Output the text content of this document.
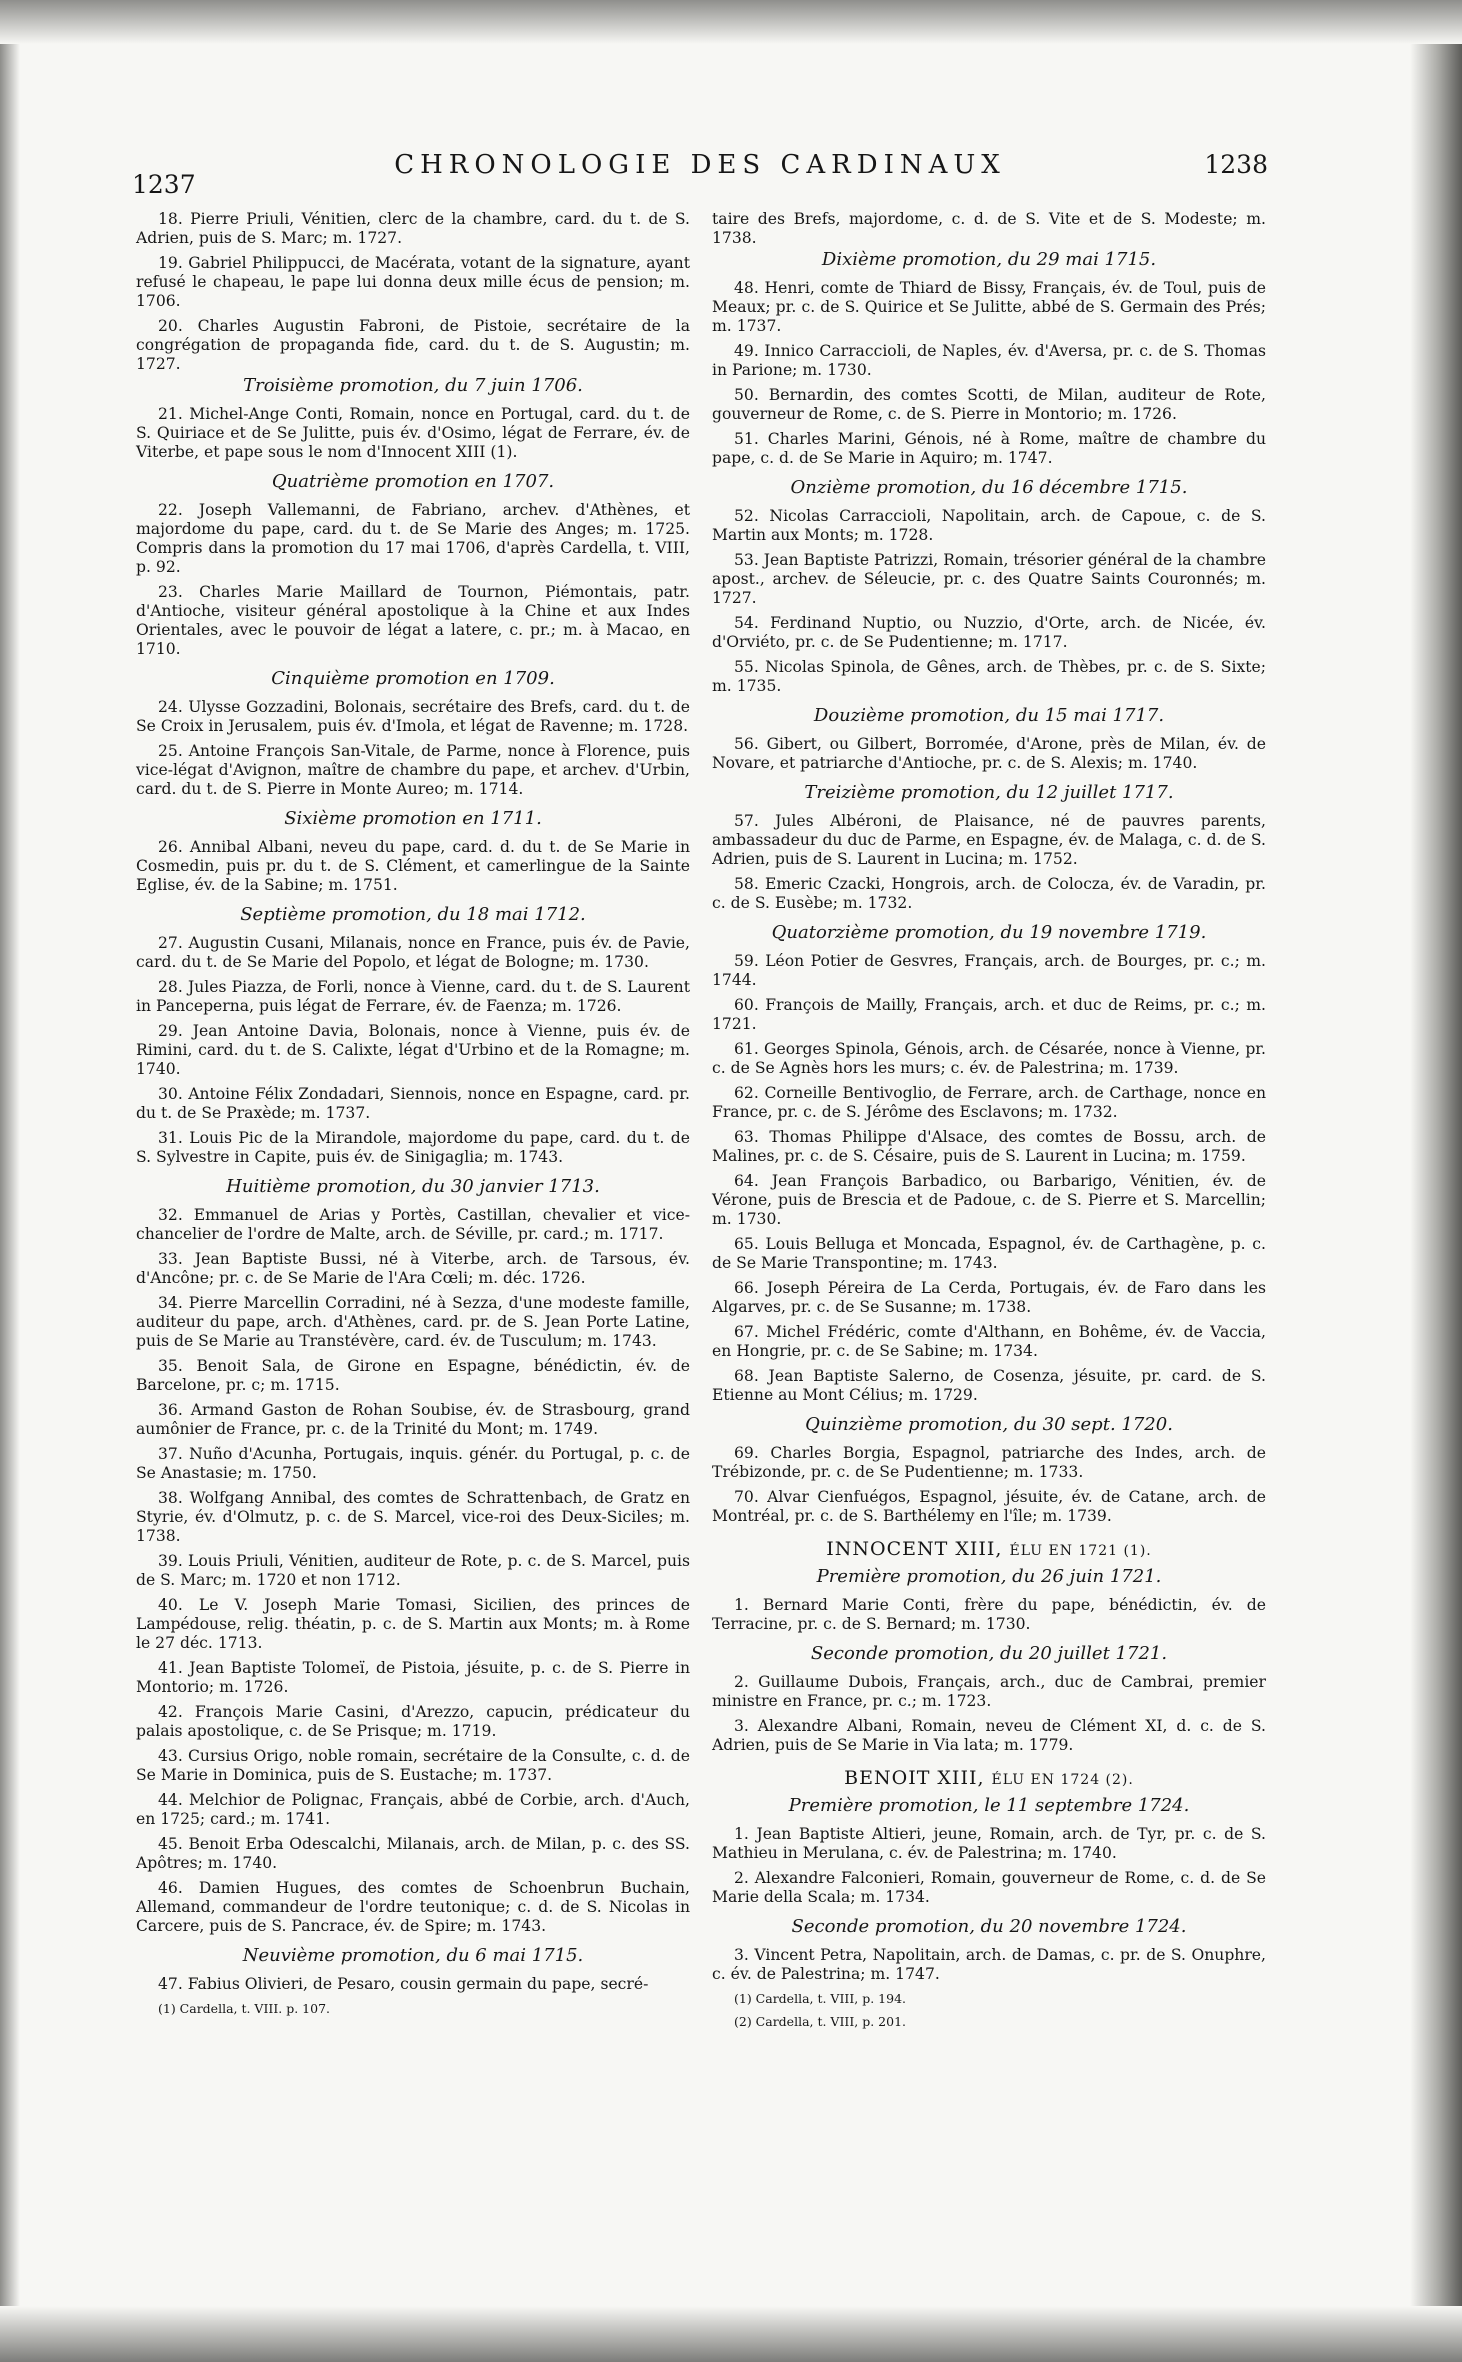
1237
CHRONOLOGIE DES CARDINAUX	1238

18. Pierre Priuli, Vénitien, clerc de la chambre, card. du t. de S. Adrien, puis de S. Marc; m. 1727.

19. Gabriel Philippucci, de Macérata, votant de la signature, ayant refusé le chapeau, le pape lui donna deux mille écus de pension; m. 1706.

20. Charles Augustin Fabroni, de Pistoie, secrétaire de la congrégation de propaganda fide, card. du t. de S. Augustin; m. 1727.

Troisième promotion, du 7 juin 1706.

21. Michel-Ange Conti, Romain, nonce en Portugal, card. du t. de S. Quiriace et de Se Julitte, puis év. d'Osimo, légat de Ferrare, év. de Viterbe, et pape sous le nom d'Innocent XIII (1).

Quatrième promotion en 1707.

22. Joseph Vallemanni, de Fabriano, archev. d'Athènes, et majordome du pape, card. du t. de Se Marie des Anges; m. 1725. Compris dans la promotion du 17 mai 1706, d'après Cardella, t. VIII, p. 92.

23. Charles Marie Maillard de Tournon, Piémontais, patr. d'Antioche, visiteur général apostolique à la Chine et aux Indes Orientales, avec le pouvoir de légat a latere, c. pr.; m. à Macao, en 1710.

Cinquième promotion en 1709.

24. Ulysse Gozzadini, Bolonais, secrétaire des Brefs, card. du t. de Se Croix in Jerusalem, puis év. d'Imola, et légat de Ravenne; m. 1728.

25. Antoine François San-Vitale, de Parme, nonce à Florence, puis vice-légat d'Avignon, maître de chambre du pape, et archev. d'Urbin, card. du t. de S. Pierre in Monte Aureo; m. 1714.

Sixième promotion en 1711.

26. Annibal Albani, neveu du pape, card. d. du t. de Se Marie in Cosmedin, puis pr. du t. de S. Clément, et camerlingue de la Sainte Eglise, év. de la Sabine; m. 1751.

Septième promotion, du 18 mai 1712.

27. Augustin Cusani, Milanais, nonce en France, puis év. de Pavie, card. du t. de Se Marie del Popolo, et légat de Bologne; m. 1730.

28. Jules Piazza, de Forli, nonce à Vienne, card. du t. de S. Laurent in Panceperna, puis légat de Ferrare, év. de Faenza; m. 1726.

29. Jean Antoine Davia, Bolonais, nonce à Vienne, puis év. de Rimini, card. du t. de S. Calixte, légat d'Urbino et de la Romagne; m. 1740.

30. Antoine Félix Zondadari, Siennois, nonce en Espagne, card. pr. du t. de Se Praxède; m. 1737.

31. Louis Pic de la Mirandole, majordome du pape, card. du t. de S. Sylvestre in Capite, puis év. de Sinigaglia; m. 1743.

Huitième promotion, du 30 janvier 1713.

32. Emmanuel de Arias y Portès, Castillan, chevalier et vice-chancelier de l'ordre de Malte, arch. de Séville, pr. card.; m. 1717.

33. Jean Baptiste Bussi, né à Viterbe, arch. de Tarsous, év. d'Ancône; pr. c. de Se Marie de l'Ara Cœli; m. déc. 1726.

34. Pierre Marcellin Corradini, né à Sezza, d'une modeste famille, auditeur du pape, arch. d'Athènes, card. pr. de S. Jean Porte Latine, puis de Se Marie au Transtévère, card. év. de Tusculum; m. 1743.

35. Benoit Sala, de Girone en Espagne, bénédictin, év. de Barcelone, pr. c; m. 1715.

36. Armand Gaston de Rohan Soubise, év. de Strasbourg, grand aumônier de France, pr. c. de la Trinité du Mont; m. 1749.

37. Nuño d'Acunha, Portugais, inquis. génér. du Portugal, p. c. de Se Anastasie; m. 1750.

38. Wolfgang Annibal, des comtes de Schrattenbach, de Gratz en Styrie, év. d'Olmutz, p. c. de S. Marcel, vice-roi des Deux-Siciles; m. 1738.

39. Louis Priuli, Vénitien, auditeur de Rote, p. c. de S. Marcel, puis de S. Marc; m. 1720 et non 1712.

40. Le V. Joseph Marie Tomasi, Sicilien, des princes de Lampédouse, relig. théatin, p. c. de S. Martin aux Monts; m. à Rome le 27 déc. 1713.

41. Jean Baptiste Tolomeï, de Pistoia, jésuite, p. c. de S. Pierre in Montorio; m. 1726.

42. François Marie Casini, d'Arezzo, capucin, prédicateur du palais apostolique, c. de Se Prisque; m. 1719.

43. Cursius Origo, noble romain, secrétaire de la Consulte, c. d. de Se Marie in Dominica, puis de S. Eustache; m. 1737.

44. Melchior de Polignac, Français, abbé de Corbie, arch. d'Auch, en 1725; card.; m. 1741.

45. Benoit Erba Odescalchi, Milanais, arch. de Milan, p. c. des SS. Apôtres; m. 1740.

46. Damien Hugues, des comtes de Schoenbrun Buchain, Allemand, commandeur de l'ordre teutonique; c. d. de S. Nicolas in Carcere, puis de S. Pancrace, év. de Spire; m. 1743.

Neuvième promotion, du 6 mai 1715.

47. Fabius Olivieri, de Pesaro, cousin germain du pape, secré-

(1) Cardella, t. VIII. p. 107.

taire des Brefs, majordome, c. d. de S. Vite et de S. Modeste; m. 1738.

Dixième promotion, du 29 mai 1715.

48. Henri, comte de Thiard de Bissy, Français, év. de Toul, puis de Meaux; pr. c. de S. Quirice et Se Julitte, abbé de S. Germain des Prés; m. 1737.

49. Innico Carraccioli, de Naples, év. d'Aversa, pr. c. de S. Thomas in Parione; m. 1730.

50. Bernardin, des comtes Scotti, de Milan, auditeur de Rote, gouverneur de Rome, c. de S. Pierre in Montorio; m. 1726.

51. Charles Marini, Génois, né à Rome, maître de chambre du pape, c. d. de Se Marie in Aquiro; m. 1747.

Onzième promotion, du 16 décembre 1715.

52. Nicolas Carraccioli, Napolitain, arch. de Capoue, c. de S. Martin aux Monts; m. 1728.

53. Jean Baptiste Patrizzi, Romain, trésorier général de la chambre apost., archev. de Séleucie, pr. c. des Quatre Saints Couronnés; m. 1727.

54. Ferdinand Nuptio, ou Nuzzio, d'Orte, arch. de Nicée, év. d'Orviéto, pr. c. de Se Pudentienne; m. 1717.

55. Nicolas Spinola, de Gênes, arch. de Thèbes, pr. c. de S. Sixte; m. 1735.

Douzième promotion, du 15 mai 1717.

56. Gibert, ou Gilbert, Borromée, d'Arone, près de Milan, év. de Novare, et patriarche d'Antioche, pr. c. de S. Alexis; m. 1740.

Treizième promotion, du 12 juillet 1717.

57. Jules Albéroni, de Plaisance, né de pauvres parents, ambassadeur du duc de Parme, en Espagne, év. de Malaga, c. d. de S. Adrien, puis de S. Laurent in Lucina; m. 1752.

58. Emeric Czacki, Hongrois, arch. de Colocza, év. de Varadin, pr. c. de S. Eusèbe; m. 1732.

Quatorzième promotion, du 19 novembre 1719.

59. Léon Potier de Gesvres, Français, arch. de Bourges, pr. c.; m. 1744.

60. François de Mailly, Français, arch. et duc de Reims, pr. c.; m. 1721.

61. Georges Spinola, Génois, arch. de Césarée, nonce à Vienne, pr. c. de Se Agnès hors les murs; c. év. de Palestrina; m. 1739.

62. Corneille Bentivoglio, de Ferrare, arch. de Carthage, nonce en France, pr. c. de S. Jérôme des Esclavons; m. 1732.

63. Thomas Philippe d'Alsace, des comtes de Bossu, arch. de Malines, pr. c. de S. Césaire, puis de S. Laurent in Lucina; m. 1759.

64. Jean François Barbadico, ou Barbarigo, Vénitien, év. de Vérone, puis de Brescia et de Padoue, c. de S. Pierre et S. Marcellin; m. 1730.

65. Louis Belluga et Moncada, Espagnol, év. de Carthagène, p. c. de Se Marie Transpontine; m. 1743.

66. Joseph Péreira de La Cerda, Portugais, év. de Faro dans les Algarves, pr. c. de Se Susanne; m. 1738.

67. Michel Frédéric, comte d'Althann, en Bohême, év. de Vaccia, en Hongrie, pr. c. de Se Sabine; m. 1734.

68. Jean Baptiste Salerno, de Cosenza, jésuite, pr. card. de S. Etienne au Mont Célius; m. 1729.

Quinzième promotion, du 30 sept. 1720.

69. Charles Borgia, Espagnol, patriarche des Indes, arch. de Trébizonde, pr. c. de Se Pudentienne; m. 1733.

70. Alvar Cienfuégos, Espagnol, jésuite, év. de Catane, arch. de Montréal, pr. c. de S. Barthélemy en l'île; m. 1739.

INNOCENT XIII, ÉLU EN 1721 (1).
Première promotion, du 26 juin 1721.

1. Bernard Marie Conti, frère du pape, bénédictin, év. de Terracine, pr. c. de S. Bernard; m. 1730.

Seconde promotion, du 20 juillet 1721.

2. Guillaume Dubois, Français, arch., duc de Cambrai, premier ministre en France, pr. c.; m. 1723.

3. Alexandre Albani, Romain, neveu de Clément XI, d. c. de S. Adrien, puis de Se Marie in Via lata; m. 1779.

BENOIT XIII, ÉLU EN 1724 (2).
Première promotion, le 11 septembre 1724.

1. Jean Baptiste Altieri, jeune, Romain, arch. de Tyr, pr. c. de S. Mathieu in Merulana, c. év. de Palestrina; m. 1740.

2. Alexandre Falconieri, Romain, gouverneur de Rome, c. d. de Se Marie della Scala; m. 1734.

Seconde promotion, du 20 novembre 1724.

3. Vincent Petra, Napolitain, arch. de Damas, c. pr. de S. Onuphre, c. év. de Palestrina; m. 1747.

(1) Cardella, t. VIII, p. 194.

(2) Cardella, t. VIII, p. 201.
